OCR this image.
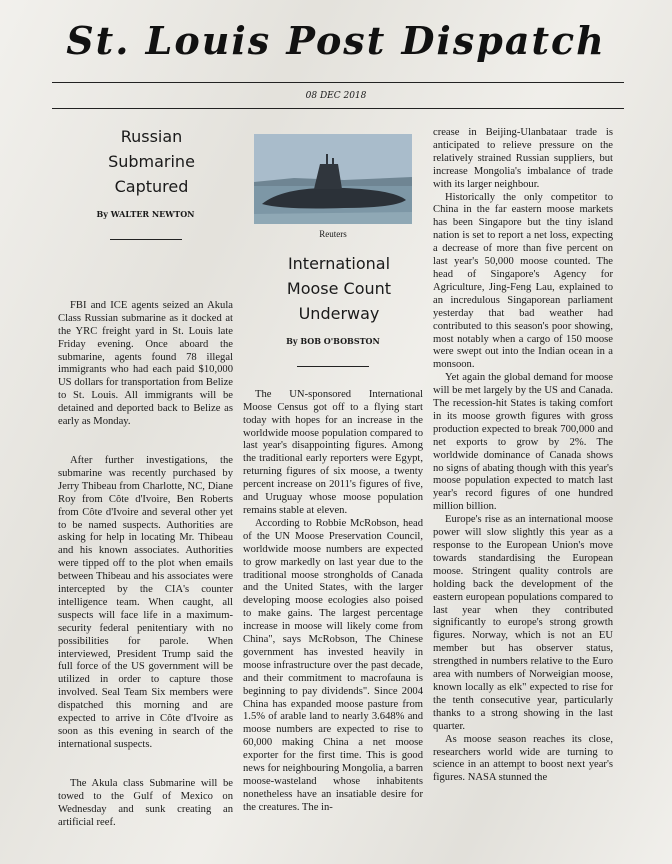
St. Louis Post Dispatch
08 DEC 2018

Russian

Submarine

Captured

By WALTER NEWTON

FBI and ICE agents seized an Akula Class Russian submarine as it docked at the YRC freight yard in St. Louis late Friday evening. Once aboard the submarine, agents found 78 illegal immigrants who had each paid $10,000 US dollars for transportation from Belize to St. Louis. All immigrants will be detained and deported back to Belize as early as Monday.

After further investigations, the submarine was recently purchased by Jerry Thibeau from Charlotte, NC, Diane Roy from Côte d'Ivoire, Ben Roberts from Côte d'Ivoire and several other yet to be named suspects. Authorities are asking for help in locating Mr. Thibeau and his known associates. Authorities were tipped off to the plot when emails between Thibeau and his associates were intercepted by the CIA's counter intelligence team. When caught, all suspects will face life in a maximum-security federal penitentiary with no possibilities for parole. When interviewed, President Trump said the full force of the US government will be utilized in order to capture those involved. Seal Team Six members were dispatched this morning and are expected to arrive in Côte d'Ivoire as soon as this evening in search of the international suspects.

The Akula class Submarine will be towed to the Gulf of Mexico on Wednesday and sunk creating an artificial reef.

Reuters

International

Moose Count

Underway

By BOB O'BOBSTON

The UN-sponsored International Moose Census got off to a flying start today with hopes for an increase in the worldwide moose population compared to last year's disappointing figures. Among the traditional early reporters were Egypt, returning figures of six moose, a twenty percent increase on 2011's figures of five, and Uruguay whose moose population remains stable at eleven.

According to Robbie McRobson, head of the UN Moose Preservation Council, worldwide moose numbers are expected to grow markedly on last year due to the traditional moose strongholds of Canada and the United States, with the larger developing moose ecologies also poised to make gains. The largest percentage increase in moose will likely come from China", says McRobson, The Chinese government has invested heavily in moose infrastructure over the past decade, and their commitment to macrofauna is beginning to pay dividends". Since 2004 China has expanded moose pasture from 1.5% of arable land to nearly 3.648% and moose numbers are expected to rise to 60,000 making China a net moose exporter for the first time. This is good news for neighbouring Mongolia, a barren moose-wasteland whose inhabitents nonetheless have an insatiable desire for the creatures. The in-

crease in Beijing-Ulanbataar trade is anticipated to relieve pressure on the relatively strained Russian suppliers, but increase Mongolia's imbalance of trade with its larger neighbour.

Historically the only competitor to China in the far eastern moose markets has been Singapore but the tiny island nation is set to report a net loss, expecting a decrease of more than five percent on last year's 50,000 moose counted. The head of Singapore's Agency for Agriculture, Jing-Feng Lau, explained to an incredulous Singaporean parliament yesterday that bad weather had contributed to this season's poor showing, most notably when a cargo of 150 moose were swept out into the Indian ocean in a monsoon.

Yet again the global demand for moose will be met largely by the US and Canada. The recession-hit States is taking comfort in its moose growth figures with gross production expected to break 700,000 and net exports to grow by 2%. The worldwide dominance of Canada shows no signs of abating though with this year's moose population expected to match last year's record figures of one hundred million billion.

Europe's rise as an international moose power will slow slightly this year as a response to the European Union's move towards standardising the European moose. Stringent quality controls are holding back the development of the eastern european populations compared to last year when they contributed significantly to europe's strong growth figures. Norway, which is not an EU member but has observer status, strengthed in numbers relative to the Euro area with numbers of Norweigian moose, known locally as elk" expected to rise for the tenth consecutive year, particularly thanks to a strong showing in the last quarter.

As moose season reaches its close, researchers world wide are turning to science in an attempt to boost next year's figures. NASA stunned the
